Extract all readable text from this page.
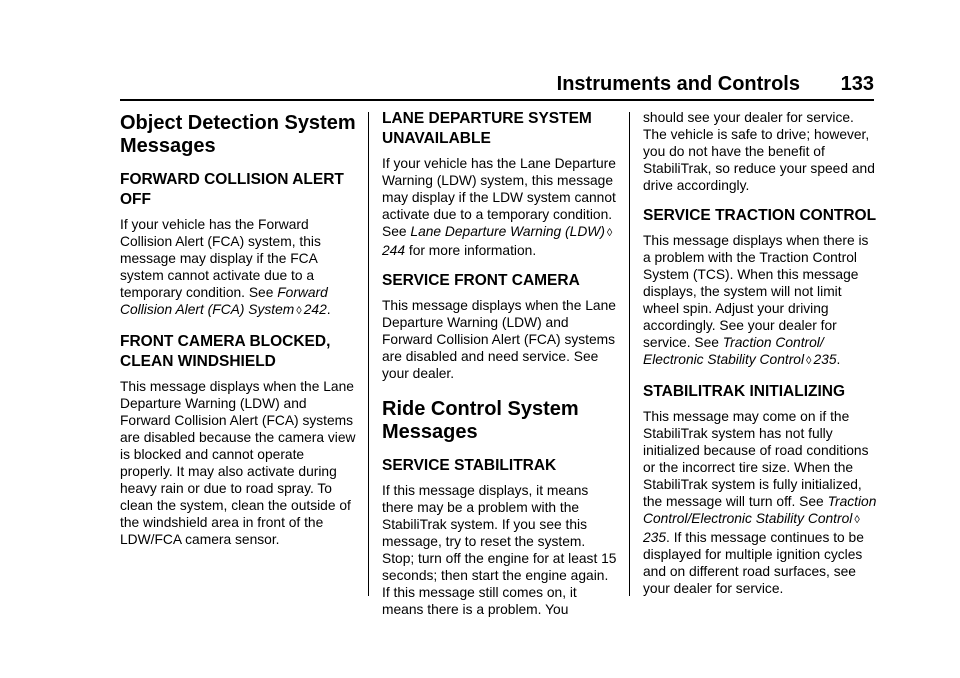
Instruments and Controls 133
Object Detection System Messages
FORWARD COLLISION ALERT OFF
If your vehicle has the Forward Collision Alert (FCA) system, this message may display if the FCA system cannot activate due to a temporary condition. See Forward Collision Alert (FCA) System ◊ 242.
FRONT CAMERA BLOCKED, CLEAN WINDSHIELD
This message displays when the Lane Departure Warning (LDW) and Forward Collision Alert (FCA) systems are disabled because the camera view is blocked and cannot operate properly. It may also activate during heavy rain or due to road spray. To clean the system, clean the outside of the windshield area in front of the LDW/FCA camera sensor.
LANE DEPARTURE SYSTEM UNAVAILABLE
If your vehicle has the Lane Departure Warning (LDW) system, this message may display if the LDW system cannot activate due to a temporary condition. See Lane Departure Warning (LDW) ◊244 for more information.
SERVICE FRONT CAMERA
This message displays when the Lane Departure Warning (LDW) and Forward Collision Alert (FCA) systems are disabled and need service. See your dealer.
Ride Control System Messages
SERVICE STABILITRAK
If this message displays, it means there may be a problem with the StabiliTrak system. If you see this message, try to reset the system. Stop; turn off the engine for at least 15 seconds; then start the engine again. If this message still comes on, it means there is a problem. You
should see your dealer for service. The vehicle is safe to drive; however, you do not have the benefit of StabiliTrak, so reduce your speed and drive accordingly.
SERVICE TRACTION CONTROL
This message displays when there is a problem with the Traction Control System (TCS). When this message displays, the system will not limit wheel spin. Adjust your driving accordingly. See your dealer for service. See Traction Control/ Electronic Stability Control ◊ 235.
STABILITRAK INITIALIZING
This message may come on if the StabiliTrak system has not fully initialized because of road conditions or the incorrect tire size. When the StabiliTrak system is fully initialized, the message will turn off. See Traction Control/Electronic Stability Control ◊235. If this message continues to be displayed for multiple ignition cycles and on different road surfaces, see your dealer for service.
